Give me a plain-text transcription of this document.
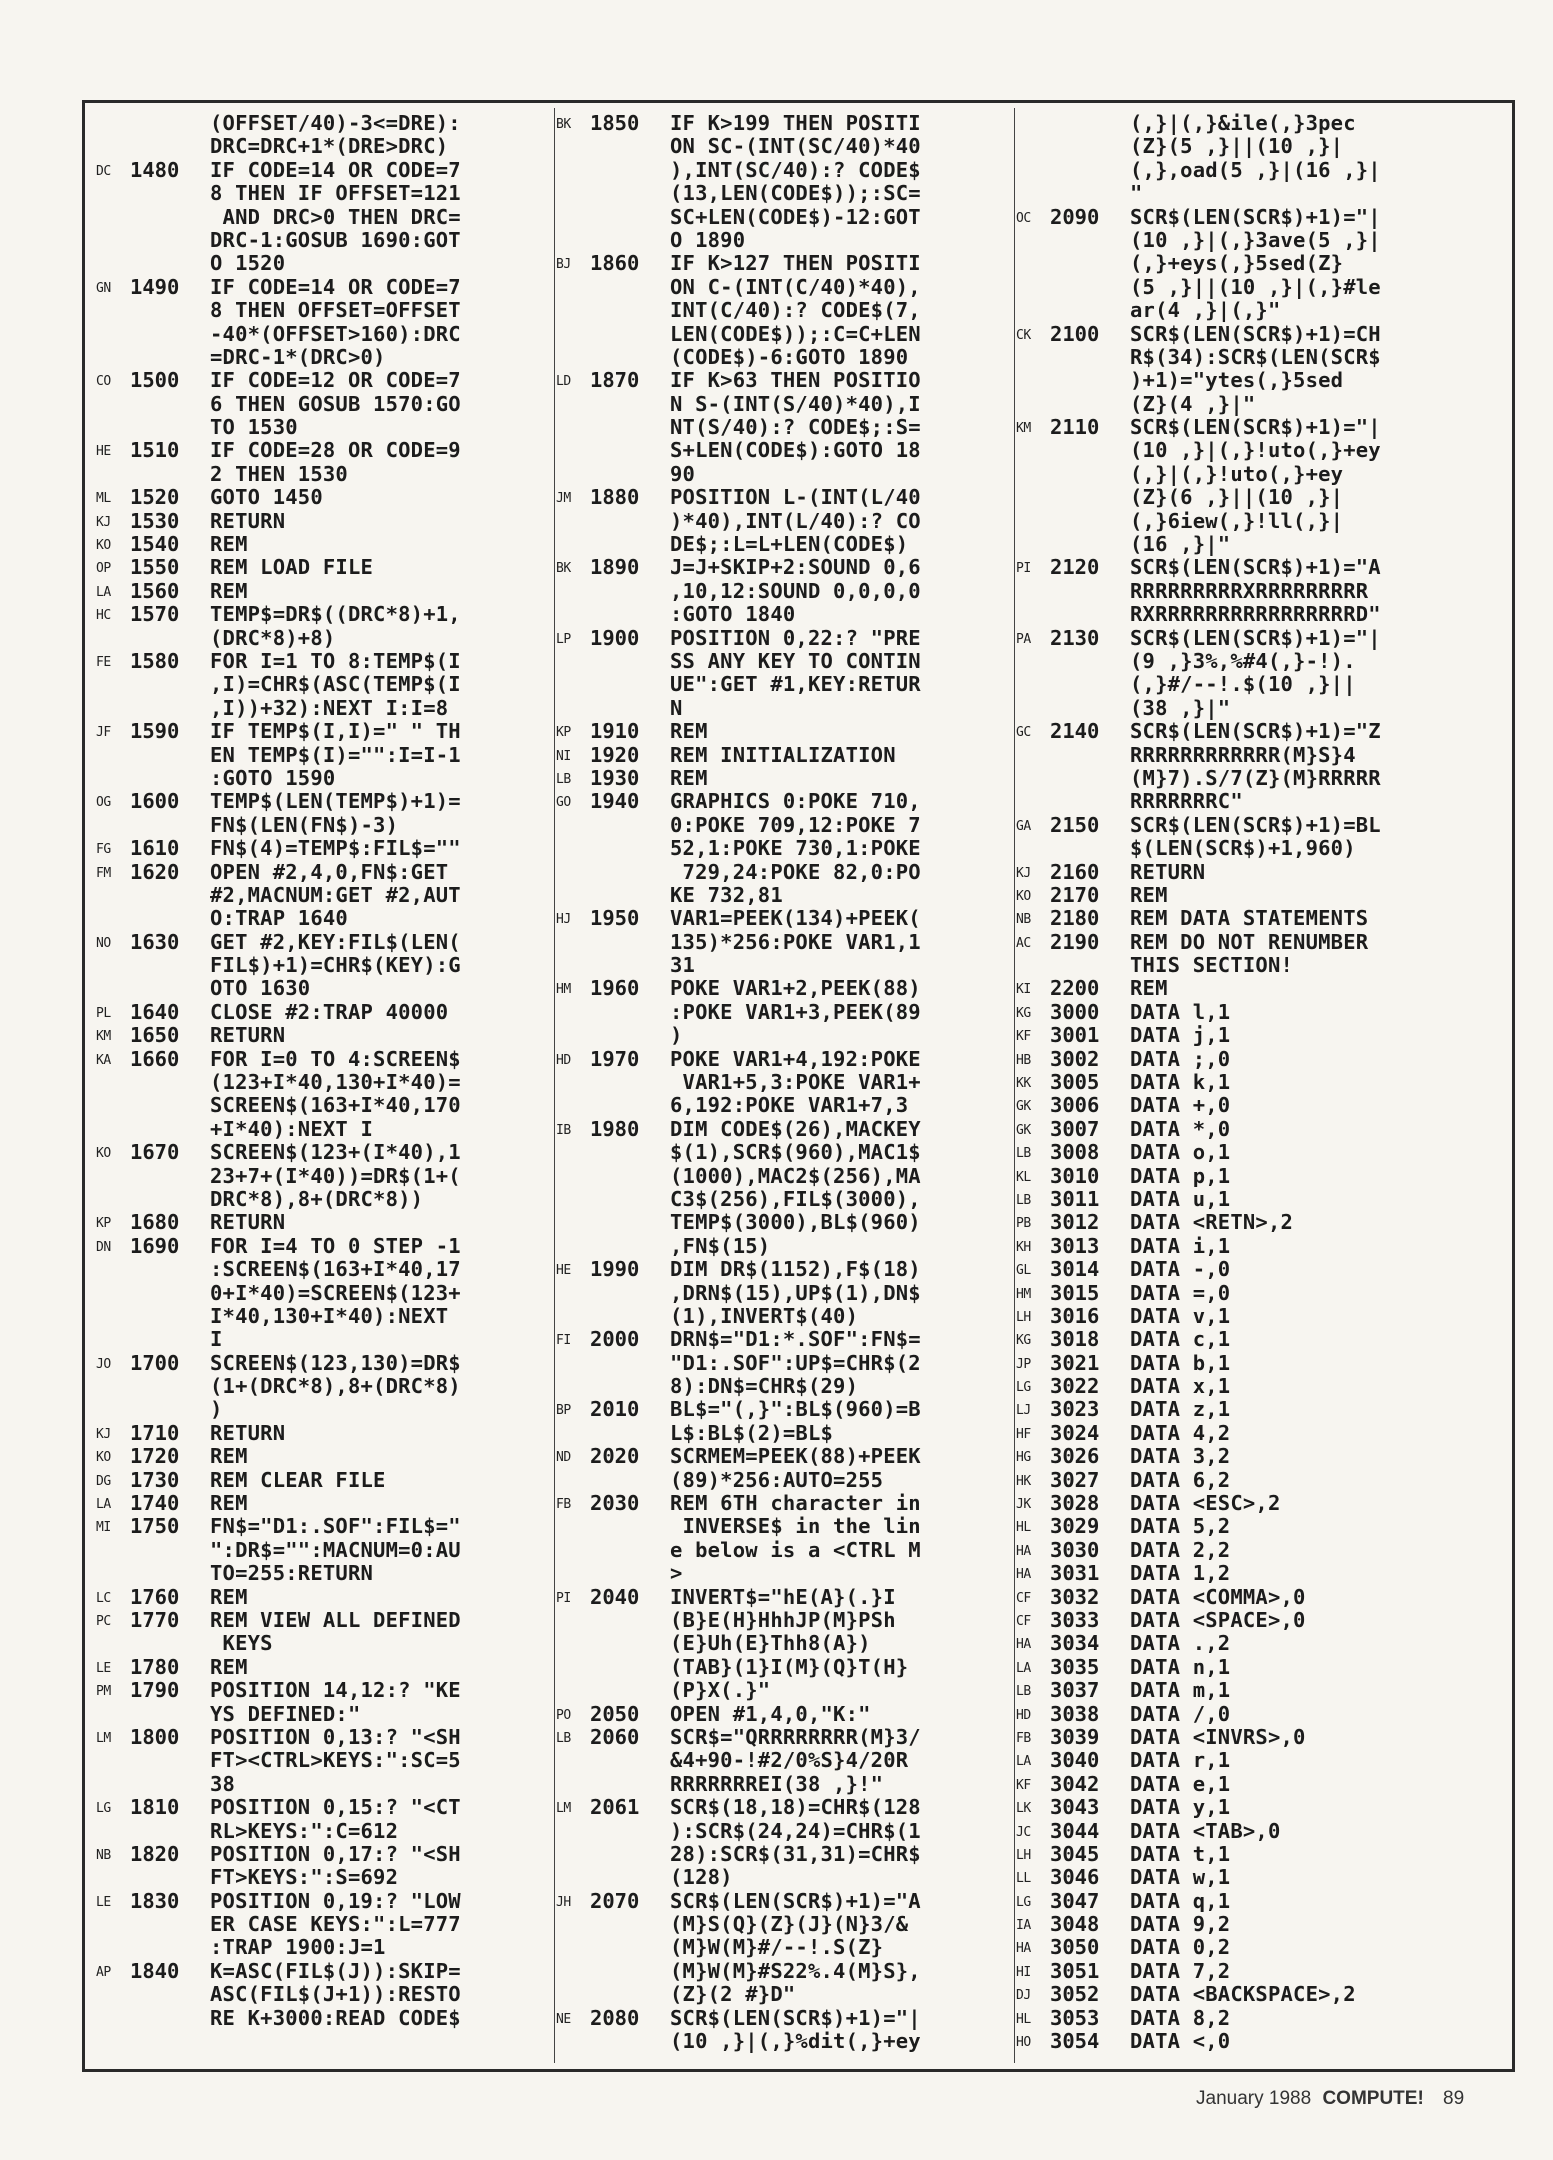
(OFFSET/40)-3<=DRE):
DRC=DRC+1*(DRE>DRC)
DC 1480	IF CODE=14 OR CODE=7
8 THEN IF OFFSET=121
AND DRC>0 THEN DRC=
DRC-1:GOSUB 1690:GOT
O 1520
GN 1490	IF CODE=14 OR CODE=7
8 THEN OFFSET=OFFSET
-40*(OFFSET>160):DRC
=DRC-1*(DRC>0)
CO 1500	IF CODE=12 OR CODE=7
6 THEN GOSUB 1570:GO
TO 1530
HE 1510	IF CODE=28 OR CODE=9
2 THEN 1530
ML 1520	GOTO 1450
KJ 1530	RETURN
KO 1540	REM
OP 1550	REM LOAD FILE
LA 1560	REM
HC 1570	TEMP$=DR$((DRC*8)+1,
(DRC*8)+8)
FE 1580	FOR I=1 TO 8:TEMP$(I
,I)=CHR$(ASC(TEMP$(I
,I))+32):NEXT I:I=8
JF 1590	IF TEMP$(I,I)=" " TH
EN TEMP$(I)="":I=I-1
:GOTO 1590
OG 1600	TEMP$(LEN(TEMP$)+1)=
FN$(LEN(FN$)-3)
FG 1610	FN$(4)=TEMP$:FIL$=""
FM 1620	OPEN #2,4,0,FN$:GET
#2,MACNUM:GET #2,AUT
O:TRAP 1640
NO 1630	GET #2,KEY:FIL$(LEN(
FIL$)+1)=CHR$(KEY):G
OTO 1630
PL 1640	CLOSE #2:TRAP 40000
KM 1650	RETURN
KA 1660	FOR I=0 TO 4:SCREEN$
(123+I*40,130+I*40)=
SCREEN$(163+I*40,170
+I*40):NEXT I
KO 1670	SCREEN$(123+(I*40),1
23+7+(I*40))=DR$(1+(
DRC*8),8+(DRC*8))
KP 1680	RETURN
DN 1690	FOR I=4 TO 0 STEP -1
:SCREEN$(163+I*40,17
0+I*40)=SCREEN$(123+
I*40,130+I*40):NEXT
I
JO 1700	SCREEN$(123,130)=DR$
(1+(DRC*8),8+(DRC*8)
)
KJ 1710	RETURN
KO 1720	REM
DG 1730	REM CLEAR FILE
LA 1740	REM
MI 1750	FN$="D1:.SOF":FIL$="
":DR$="":MACNUM=0:AU
TO=255:RETURN
LC 1760	REM
PC 1770	REM VIEW ALL DEFINED
KEYS
LE 1780	REM
PM 1790	POSITION 14,12:? "KE
YS DEFINED:"
LM 1800	POSITION 0,13:? "<SH
FT><CTRL>KEYS:":SC=5
38
LG 1810	POSITION 0,15:? "<CT
RL>KEYS:":C=612
NB 1820	POSITION 0,17:? "<SH
FT>KEYS:":S=692
LE 1830	POSITION 0,19:? "LOW
ER CASE KEYS:":L=777
:TRAP 1900:J=1
AP 1840	K=ASC(FIL$(J)):SKIP=
ASC(FIL$(J+1)):RESTO
RE K+3000:READ CODE$
BK 1850	IF K>199 THEN POSITI
ON SC-(INT(SC/40)*40
),INT(SC/40):? CODE$
(13,LEN(CODE$));:SC=
SC+LEN(CODE$)-12:GOT
O 1890
BJ 1860	IF K>127 THEN POSITI
ON C-(INT(C/40)*40),
INT(C/40):? CODE$(7,
LEN(CODE$));:C=C+LEN
(CODE$)-6:GOTO 1890
LD 1870	IF K>63 THEN POSITIO
N S-(INT(S/40)*40),I
NT(S/40):? CODE$;:S=
S+LEN(CODE$):GOTO 18
90
JM 1880	POSITION L-(INT(L/40
)*40),INT(L/40):? CO
DE$;:L=L+LEN(CODE$)
BK 1890	J=J+SKIP+2:SOUND 0,6
,10,12:SOUND 0,0,0,0
:GOTO 1840
LP 1900	POSITION 0,22:? "PRE
SS ANY KEY TO CONTIN
UE":GET #1,KEY:RETUR
N
KP 1910	REM
NI 1920	REM INITIALIZATION
LB 1930	REM
GO 1940	GRAPHICS 0:POKE 710,
0:POKE 709,12:POKE 7
52,1:POKE 730,1:POKE
729,24:POKE 82,0:PO
KE 732,81
HJ 1950	VAR1=PEEK(134)+PEEK(
135)*256:POKE VAR1,1
31
HM 1960	POKE VAR1+2,PEEK(88)
:POKE VAR1+3,PEEK(89
)
HD 1970	POKE VAR1+4,192:POKE
VAR1+5,3:POKE VAR1+
6,192:POKE VAR1+7,3
IB 1980	DIM CODE$(26),MACKEY
$(1),SCR$(960),MAC1$
(1000),MAC2$(256),MA
C3$(256),FIL$(3000),
TEMP$(3000),BL$(960)
,FN$(15)
HE 1990	DIM DR$(1152),F$(18)
,DRN$(15),UP$(1),DN$
(1),INVERT$(40)
FI 2000	DRN$="D1:*.SOF":FN$=
"D1:.SOF":UP$=CHR$(2
8):DN$=CHR$(29)
BP 2010	BL$="(,}":BL$(960)=B
L$:BL$(2)=BL$
ND 2020	SCRMEM=PEEK(88)+PEEK
(89)*256:AUTO=255
FB 2030	REM 6TH character in
INVERSE$ in the lin
e below is a <CTRL M
>
PI 2040	INVERT$="hE(A}(.}I
(B}E(H}HhhJP(M}PSh
(E}Uh(E}Thh8(A})
(TAB}(1}I(M}(Q}T(H}
(P}X(.}"
PO 2050	OPEN #1,4,0,"K:"
LB 2060	SCR$="QRRRRRRRR(M}3/
&4+90-!#2/0%S}4/20R
RRRRRRREI(38 ,}!"
LM 2061	SCR$(18,18)=CHR$(128
):SCR$(24,24)=CHR$(1
28):SCR$(31,31)=CHR$
(128)
JH 2070	SCR$(LEN(SCR$)+1)="A
(M}S(Q}(Z}(J}(N}3/&
(M}W(M}#/--!.S(Z}
(M}W(M}#S22%.4(M}S},
(Z}(2 #}D"
NE 2080	SCR$(LEN(SCR$)+1)="|
(10 ,}|(,}%dit(,}+ey
(,}|(,}&ile(,}3pec
(Z}(5 ,}||(10 ,}|
(,},oad(5 ,}|(16 ,}|
"
OC 2090	SCR$(LEN(SCR$)+1)="|
(10 ,}|(,}3ave(5 ,}|
(,}+eys(,}5sed(Z}
(5 ,}||(10 ,}|(,}#le
ar(4 ,}|(,}"
CK 2100	SCR$(LEN(SCR$)+1)=CH
R$(34):SCR$(LEN(SCR$
)+1)="ytes(,}5sed
(Z}(4 ,}|"
KM 2110	SCR$(LEN(SCR$)+1)="|
(10 ,}|(,}!uto(,}+ey
(,}|(,}!uto(,}+ey
(Z}(6 ,}||(10 ,}|
(,}6iew(,}!ll(,}|
(16 ,}|"
PI 2120	SCR$(LEN(SCR$)+1)="A
RRRRRRRRRXRRRRRRRRR
RXRRRRRRRRRRRRRRRRD"
PA 2130	SCR$(LEN(SCR$)+1)="|
(9 ,}3%,%#4(,}-!).
(,}#/--!.$(10 ,}||
(38 ,}|"
GC 2140	SCR$(LEN(SCR$)+1)="Z
RRRRRRRRRRRR(M}S}4
(M}7).S/7(Z}(M}RRRRR
RRRRRRRC"
GA 2150	SCR$(LEN(SCR$)+1)=BL
$(LEN(SCR$)+1,960)
KJ 2160	RETURN
KO 2170	REM
NB 2180	REM DATA STATEMENTS
AC 2190	REM DO NOT RENUMBER
THIS SECTION!
KI 2200	REM
KG 3000	DATA l,1
KF 3001	DATA j,1
HB 3002	DATA ;,0
KK 3005	DATA k,1
GK 3006	DATA +,0
GK 3007	DATA *,0
LB 3008	DATA o,1
KL 3010	DATA p,1
LB 3011	DATA u,1
PB 3012	DATA <RETN>,2
KH 3013	DATA i,1
GL 3014	DATA -,0
HM 3015	DATA =,0
LH 3016	DATA v,1
KG 3018	DATA c,1
JP 3021	DATA b,1
LG 3022	DATA x,1
LJ 3023	DATA z,1
HF 3024	DATA 4,2
HG 3026	DATA 3,2
HK 3027	DATA 6,2
JK 3028	DATA <ESC>,2
HL 3029	DATA 5,2
HA 3030	DATA 2,2
HA 3031	DATA 1,2
CF 3032	DATA <COMMA>,0
CF 3033	DATA <SPACE>,0
HA 3034	DATA .,2
LA 3035	DATA n,1
LB 3037	DATA m,1
HD 3038	DATA /,0
FB 3039	DATA <INVRS>,0
LA 3040	DATA r,1
KF 3042	DATA e,1
LK 3043	DATA y,1
JC 3044	DATA <TAB>,0
LH 3045	DATA t,1
LL 3046	DATA w,1
LG 3047	DATA q,1
IA 3048	DATA 9,2
HA 3050	DATA 0,2
HI 3051	DATA 7,2
DJ 3052	DATA <BACKSPACE>,2
HL 3053	DATA 8,2
HO 3054	DATA <,0
January 1988 COMPUTE! 89
